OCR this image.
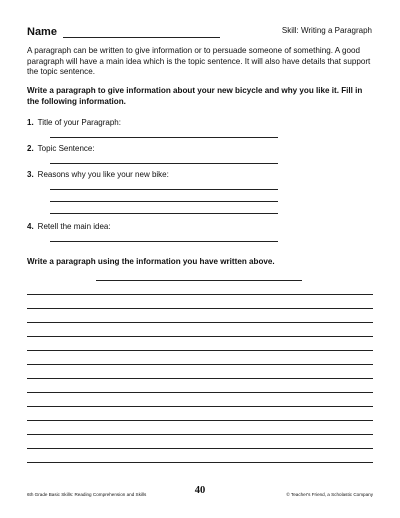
Name	Skill: Writing a Paragraph

A paragraph can be written to give information or to persuade someone of something. A good paragraph will have a main idea which is the topic sentence. It will also have details that support the topic sentence.

Write a paragraph to give information about your new bicycle and why you like it. Fill in the following information.

1. Title of your Paragraph:
2. Topic Sentence:
3. Reasons why you like your new bike:
4. Retell the main idea:
Write a paragraph using the information you have written above.
6th Grade Basic Skills: Reading Comprehension and Skills	40	© Teacher's Friend, a Scholastic Company
